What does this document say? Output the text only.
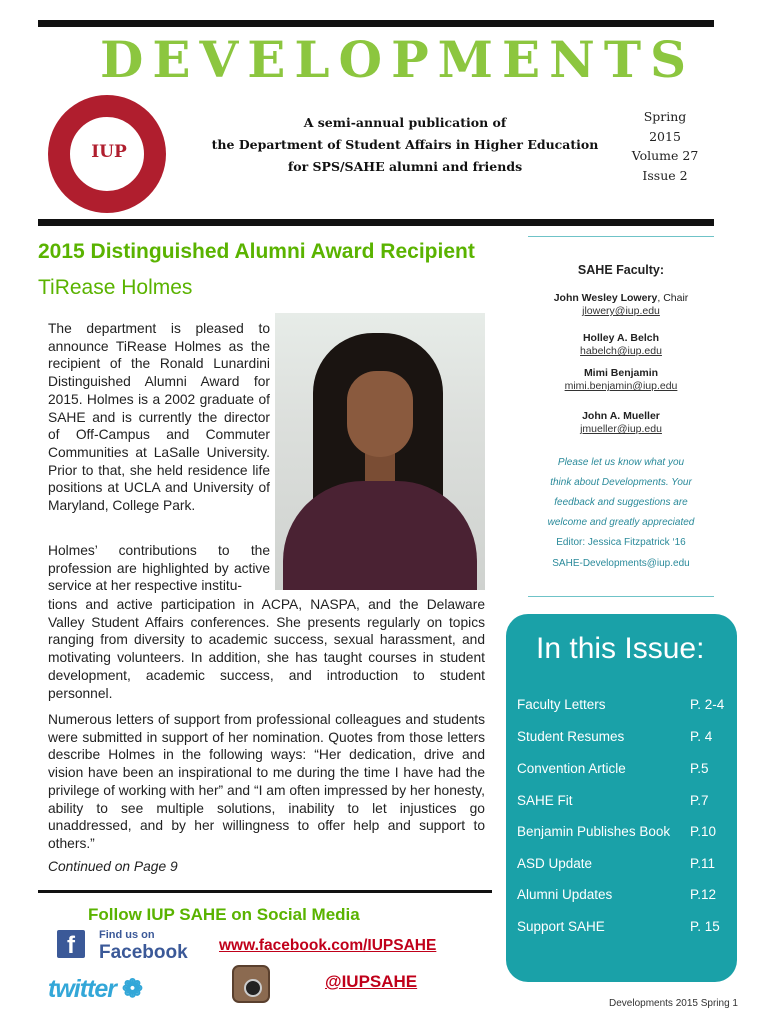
DEVELOPMENTS
IUP
A semi-annual publication of
the Department of Student Affairs in Higher Education
for SPS/SAHE alumni and friends
Spring
2015
Volume 27
Issue 2
2015 Distinguished Alumni Award Recipient
TiRease Holmes

The department is pleased to announce TiRease Holmes as the recipient of the Ronald Lunardini Distinguished Alumni Award for 2015. Holmes is a 2002 graduate of SAHE and is currently the director of Off-Campus and Commuter Communities at LaSalle University. Prior to that, she held residence life positions at UCLA and University of Maryland, College Park.

Holmes’ contributions to the profession are highlighted by active service at her respective institu-

tions and active participation in ACPA, NASPA, and the Delaware Valley Student Affairs conferences. She presents regularly on topics ranging from diversity to academic success, sexual harassment, and motivating volunteers. In addition, she has taught courses in student development, academic success, and introduction to student personnel.

Numerous letters of support from professional colleagues and students were submitted in support of her nomination. Quotes from those letters describe Holmes in the following ways: “Her dedication, drive and vision have been an inspirational to me during the time I have had the privilege of working with her” and “I am often impressed by her honesty, ability to see multiple solutions, inability to let injustices go unaddressed, and by her willingness to offer help and support to others.”

Continued on Page 9
Follow IUP SAHE on Social Media
f	Find us on
Facebook www.facebook.com/IUPSAHE
twitter ❁	@IUPSAHE
SAHE Faculty:
John Wesley Lowery, Chair
jlowery@iup.edu
Holley A. Belch
habelch@iup.edu
Mimi Benjamin
mimi.benjamin@iup.edu
John A. Mueller
jmueller@iup.edu
Please let us know what you
think about Developments. Your
feedback and suggestions are
welcome and greatly appreciated
Editor: Jessica Fitzpatrick ‘16
SAHE-Developments@iup.edu
In this Issue:
Faculty Letters	P. 2-4
Student Resumes	P. 4
Convention Article	P.5
SAHE Fit	P.7
Benjamin Publishes Book P.10
ASD Update	P.11
Alumni Updates	P.12
Support SAHE	P. 15
Developments 2015 Spring 1
